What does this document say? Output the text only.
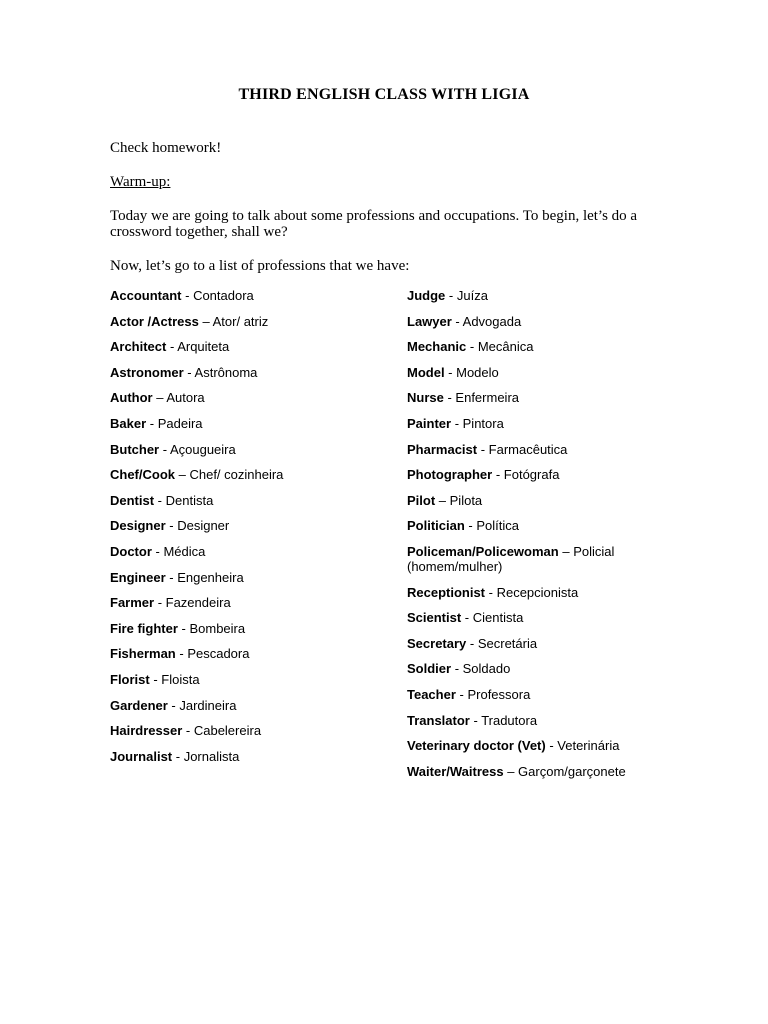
THIRD ENGLISH CLASS WITH LIGIA

Check homework!

Warm-up:

Today we are going to talk about some professions and occupations. To begin, let’s do a crossword together, shall we?

Now, let’s go to a list of professions that we have:

Accountant - Contadora
Actor /Actress – Ator/ atriz
Architect - Arquiteta
Astronomer - Astrônoma
Author – Autora
Baker - Padeira
Butcher - Açougueira
Chef/Cook – Chef/ cozinheira
Dentist - Dentista
Designer - Designer
Doctor - Médica
Engineer - Engenheira
Farmer - Fazendeira
Fire fighter - Bombeira
Fisherman - Pescadora
Florist - Floista
Gardener - Jardineira
Hairdresser - Cabelereira
Journalist - Jornalista
Judge - Juíza
Lawyer - Advogada
Mechanic - Mecânica
Model - Modelo
Nurse - Enfermeira
Painter - Pintora
Pharmacist - Farmacêutica
Photographer - Fotógrafa
Pilot – Pilota
Politician - Política
Policeman/Policewoman – Policial (homem/mulher)
Receptionist - Recepcionista
Scientist - Cientista
Secretary - Secretária
Soldier - Soldado
Teacher - Professora
Translator - Tradutora
Veterinary doctor (Vet) - Veterinária
Waiter/Waitress – Garçom/garçonete
